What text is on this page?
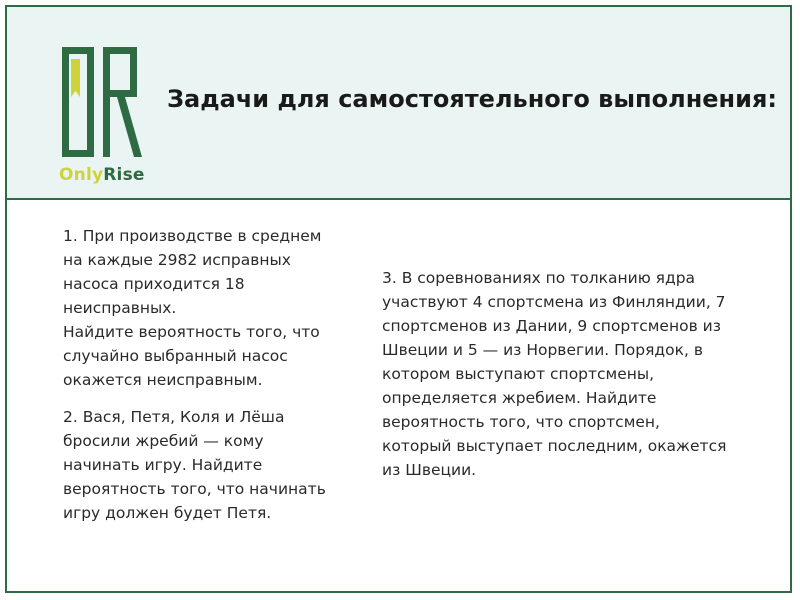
OnlyRise
Задачи для самостоятельного выполнения:
1. При производстве в среднем
на каждые 2982 исправных
насоса приходится 18
неисправных.
Найдите вероятность того, что
случайно выбранный насос
окажется неисправным.
2. Вася, Петя, Коля и Лёша
бросили жребий — кому
начинать игру. Найдите
вероятность того, что начинать
игру должен будет Петя.
3. В соревнованиях по толканию ядра
участвуют 4 спортсмена из Финляндии, 7
спортсменов из Дании, 9 спортсменов из
Швеции и 5 — из Норвегии. Порядок, в
котором выступают спортсмены,
определяется жребием. Найдите
вероятность того, что спортсмен,
который выступает последним, окажется
из Швеции.
